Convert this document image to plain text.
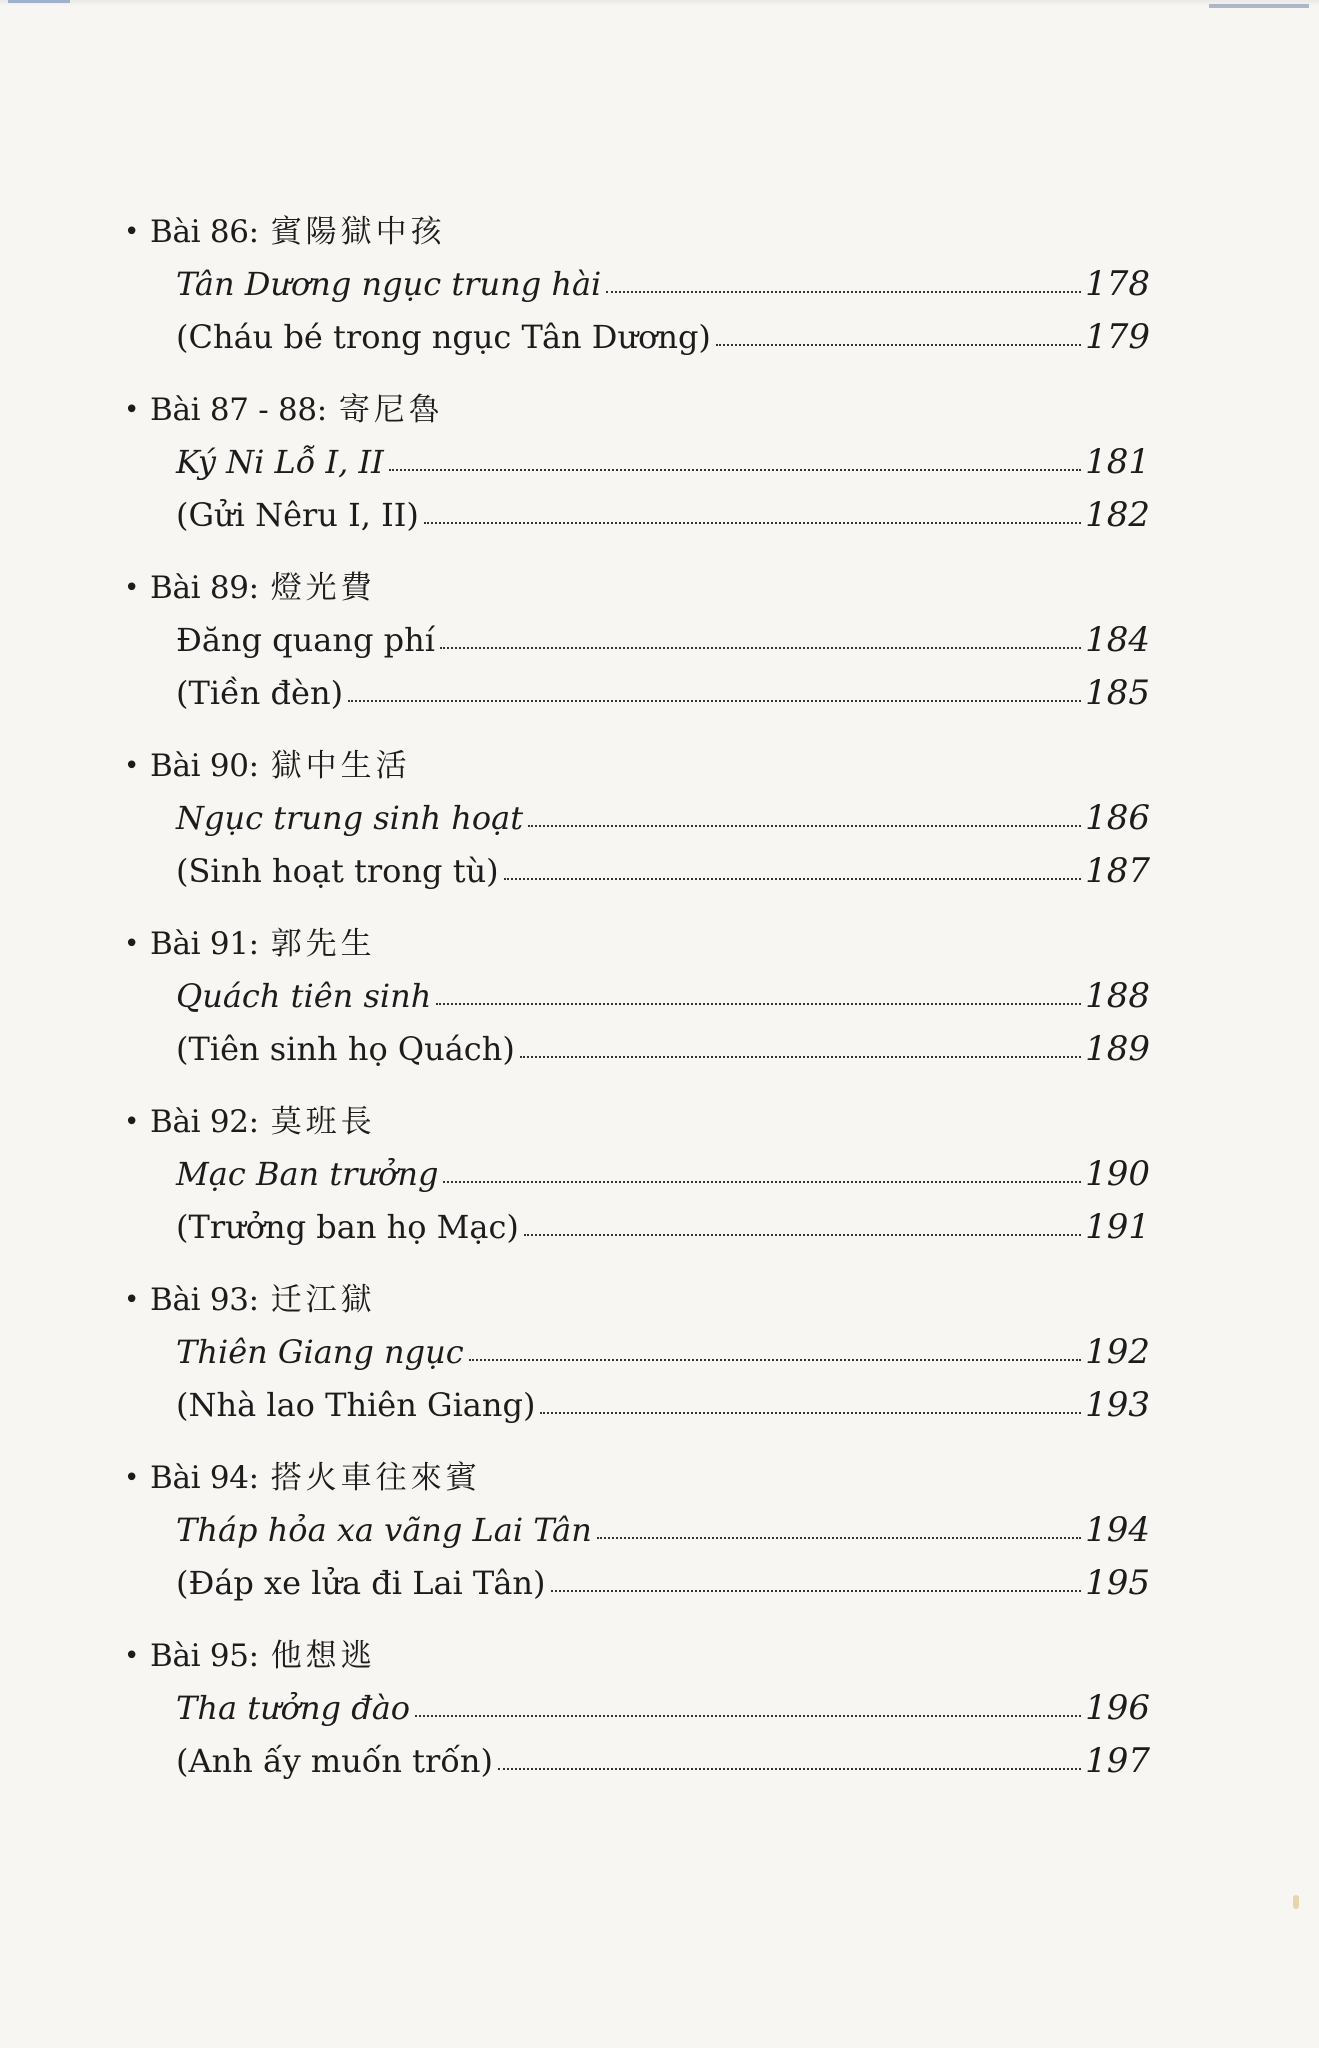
• Bài 86: 賓陽獄中孩
Tân Dương ngục trung hài	178
(Cháu bé trong ngục Tân Dương)	179
• Bài 87 - 88: 寄尼魯
Ký Ni Lỗ I, II	181
(Gửi Nêru I, II)	182
• Bài 89: 燈光費
Đăng quang phí	184
(Tiền đèn)	185
• Bài 90: 獄中生活
Ngục trung sinh hoạt	186
(Sinh hoạt trong tù)	187
• Bài 91: 郭先生
Quách tiên sinh	188
(Tiên sinh họ Quách)	189
• Bài 92: 莫班長
Mạc Ban trưởng	190
(Trưởng ban họ Mạc)	191
• Bài 93: 迁江獄
Thiên Giang ngục	192
(Nhà lao Thiên Giang)	193
• Bài 94: 搭火車往來賓
Tháp hỏa xa vãng Lai Tân	194
(Đáp xe lửa đi Lai Tân)	195
• Bài 95: 他想逃
Tha tưởng đào	196
(Anh ấy muốn trốn)	197
